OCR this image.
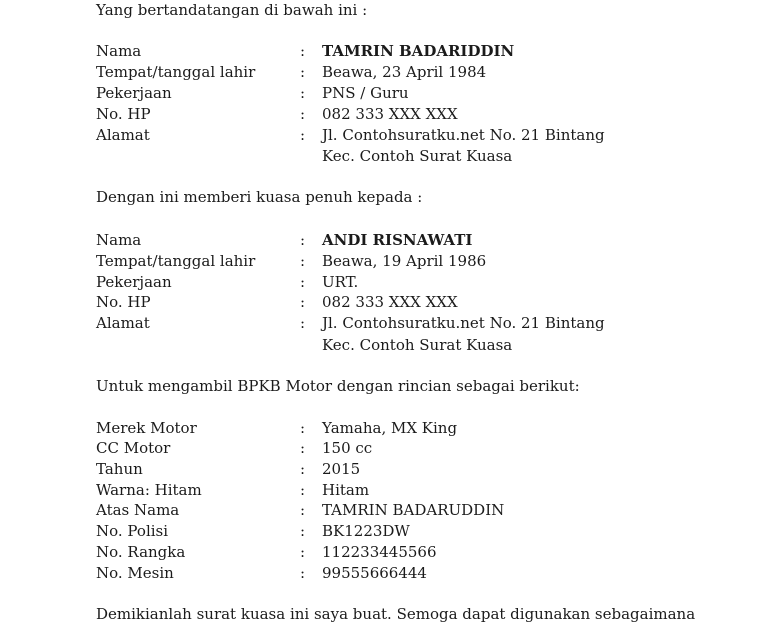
Yang bertandatangan di bawah ini :
Nama	: TAMRIN BADARIDDIN
Tempat/tanggal lahir	: Beawa, 23 April 1984
Pekerjaan	: PNS / Guru
No. HP	: 082 333 XXX XXX
Alamat	: Jl. Contohsuratku.net No. 21 Bintang
Kec. Contoh Surat Kuasa
Dengan ini memberi kuasa penuh kepada :
Nama	: ANDI RISNAWATI
Tempat/tanggal lahir	: Beawa, 19 April 1986
Pekerjaan	: URT.
No. HP	: 082 333 XXX XXX
Alamat	: Jl. Contohsuratku.net No. 21 Bintang
Kec. Contoh Surat Kuasa
Untuk mengambil BPKB Motor dengan rincian sebagai berikut:
Merek Motor	: Yamaha, MX King
CC Motor	: 150 cc
Tahun	: 2015
Warna: Hitam	: Hitam
Atas Nama	: TAMRIN BADARUDDIN
No. Polisi	: BK1223DW
No. Rangka	: 112233445566
No. Mesin	: 99555666444
Demikianlah surat kuasa ini saya buat. Semoga dapat digunakan sebagaimana
